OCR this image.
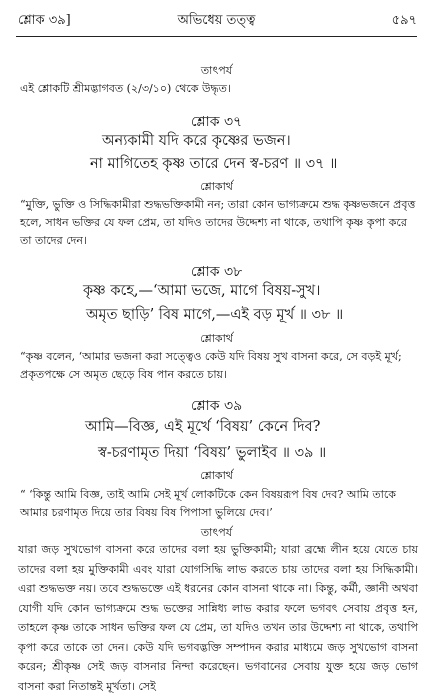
শ্লোক ৩৯]	অভিধেয় তত্ত্ব	৫৯৭
তাৎপর্য
এই শ্লোকটি শ্রীমদ্ভাগবত (২/৩/১০) থেকে উদ্ধৃত।
শ্লোক ৩৭
অন্যকামী যদি করে কৃষ্ণের ভজন।
না মাগিতেহ কৃষ্ণ তারে দেন স্ব-চরণ ॥ ৩৭ ॥
শ্লোকার্থ
“মুক্তি, ভুক্তি ও সিদ্ধিকামীরা শুদ্ধভক্তিকামী নন; তারা কোন ভাগ্যক্রমে শুদ্ধ কৃষ্ণভজনে প্রবৃত্ত হলে, সাধন ভক্তির যে ফল প্রেম, তা যদিও তাদের উদ্দেশ্য না থাকে, তথাপি কৃষ্ণ কৃপা করে তা তাদের দেন।
শ্লোক ৩৮
কৃষ্ণ কহে,—‘আমা ভজে, মাগে বিষয়-সুখ।
অমৃত ছাড়ি’ বিষ মাগে,—এই বড় মূর্খ ॥ ৩৮ ॥
শ্লোকার্থ
“কৃষ্ণ বলেন, ‘আমার ভজনা করা সত্ত্বেও কেউ যদি বিষয় সুখ বাসনা করে, সে বড়ই মূর্খ; প্রকৃতপক্ষে সে অমৃত ছেড়ে বিষ পান করতে চায়।
শ্লোক ৩৯
আমি—বিজ্ঞ, এই মূর্খে ‘বিষয়’ কেনে দিব?
স্ব-চরণামৃত দিয়া ‘বিষয়’ ভুলাইব ॥ ৩৯ ॥
শ্লোকার্থ
“ ‘কিন্তু আমি বিজ্ঞ, তাই আমি সেই মূর্খ লোকটিকে কেন বিষয়রূপ বিষ দেব? আমি তাকে আমার চরণামৃত দিয়ে তার বিষয় বিষ পিপাসা ভুলিয়ে দেব।’
তাৎপর্য
যারা জড় সুখভোগ বাসনা করে তাদের বলা হয় ভুক্তিকামী; যারা ব্রহ্মে লীন হয়ে যেতে চায় তাদের বলা হয় মুক্তিকামী এবং যারা যোগসিদ্ধি লাভ করতে চায় তাদের বলা হয় সিদ্ধিকামী। এরা শুদ্ধভক্ত নয়। তবে শুদ্ধভক্তে এই ধরনের কোন বাসনা থাকে না। কিন্তু, কর্মী, জ্ঞানী অথবা যোগী যদি কোন ভাগ্যক্রমে শুদ্ধ ভক্তের সান্নিধ্য লাভ করার ফলে ভগবৎ সেবায় প্রবৃত্ত হন, তাহলে কৃষ্ণ তাকে সাধন ভক্তির ফল যে প্রেম, তা যদিও তখন তার উদ্দেশ্য না থাকে, তথাপি কৃপা করে তাকে তা দেন। কেউ যদি ভগবদ্ভক্তি সম্পাদন করার মাধ্যমে জড় সুখভোগ বাসনা করেন; শ্রীকৃষ্ণ সেই জড় বাসনার নিন্দা করেছেন। ভগবানের সেবায় যুক্ত হয়ে জড় ভোগ বাসনা করা নিতান্তই মূর্খতা। সেই
